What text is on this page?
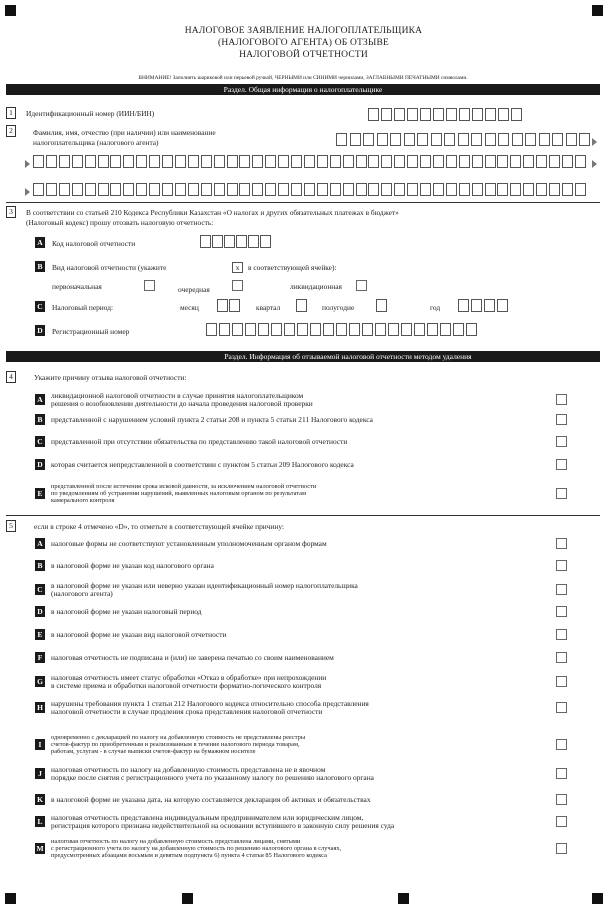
НАЛОГОВОЕ ЗАЯВЛЕНИЕ НАЛОГОПЛАТЕЛЬЩИКА
(НАЛОГОВОГО АГЕНТА) ОБ ОТЗЫВЕ
НАЛОГОВОЙ ОТЧЕТНОСТИ
ВНИМАНИЕ! Заполнять шариковой или перьевой ручкой, ЧЕРНЫМИ или СИНИМИ чернилами, ЗАГЛАВНЫМИ ПЕЧАТНЫМИ символами.
Раздел. Общая информация о налогоплательщике
1	Идентификационный номер (ИИН/БИН)
2	Фамилия, имя, отчество (при наличии) или наименование
налогоплательщика (налогового агента)
3	В соответствии со статьей 210 Кодекса Республики Казахстан «О налогах и других обязательных платежах в бюджет»
(Налоговый кодекс) прошу отозвать налоговую отчетность:
A	Код налоговой отчетности
B	Вид налоговой отчетности (укажите	x	в соответствующей ячейке):
первоначальная	очередная	ликвидационная
C	Налоговый период:	месяц	квартал	полугодие	год
D	Регистрационный номер
Раздел. Информация об отзываемой налоговой отчетности методом удаления
4	Укажите причину отзыва налоговой отчетности:
A	ликвидационной налоговой отчетности в случае принятия налогоплательщиком
решения о возобновлении деятельности до начала проведения налоговой проверки
B	представленной с нарушением условий пункта 2 статьи 208 и пункта 5 статьи 211 Налогового кодекса
C	представленной при отсутствии обязательства по представлению такой налоговой отчетности
D	которая считается непредставленной в соответствии с пунктом 5 статьи 209 Налогового кодекса
E
представленной после истечения срока исковой давности, за исключением налоговой отчетности
по уведомлениям об устранении нарушений, выявленных налоговым органом по результатам
камерального контроля
5	если в строке 4 отмечено «D», то отметьте в соответствующей ячейке причину:
A	налоговые формы не соответствуют установленным уполномоченным органом формам
B	в налоговой форме не указан код налогового органа
C	в налоговой форме не указан или неверно указан идентификационный номер налогоплательщика
(налогового агента)
D	в налоговой форме не указан налоговый период
E	в налоговой форме не указан вид налоговой отчетности
F	налоговая отчетность не подписана и (или) не заверена печатью со своим наименованием
G налоговая отчетность имеет статус обработки «Отказ в обработке» при непрохождении
в системе приема и обработки налоговой отчетности форматно-логического контроля
H нарушены требования пункта 1 статьи 212 Налогового кодекса относительно способа представления
налоговой отчетности в случае продления срока представления налоговой отчетности
I
одновременно с декларацией по налогу на добавленную стоимость не представлены реестры
счетов-фактур по приобретенным и реализованным в течение налогового периода товарам,
работам, услугам - в случае выписки счетов-фактур на бумажном носителе
J	налоговая отчетность по налогу на добавленную стоимость представлена не в явочном
порядке после снятия с регистрационного учета по указанному налогу по решению налогового органа
K в налоговой форме не указана дата, на которую составляется декларация об активах и обязательствах
L	налоговая отчетность представлена индивидуальным предпринимателем или юридическим лицом,
регистрация которого признана недействительной на основании вступившего в законную силу решения суда
M
налоговая отчетность по налогу на добавленную стоимость представлена лицами, снятыми
с регистрационного учета по налогу на добавленную стоимость по решению налогового органа в случаях,
предусмотренных абзацами восьмым и девятым подпункта 6) пункта 4 статьи 85 Налогового кодекса
